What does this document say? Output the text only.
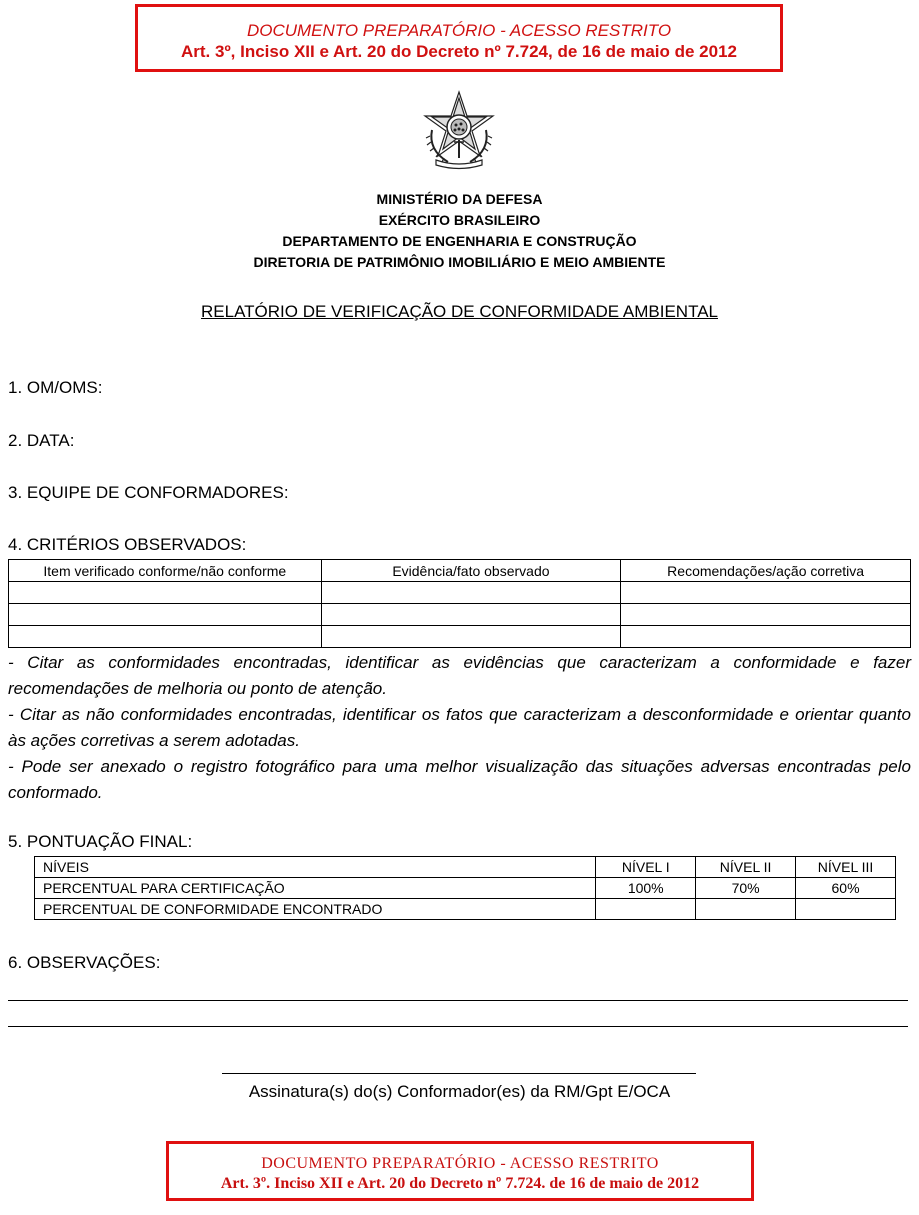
DOCUMENTO PREPARATÓRIO - ACESSO RESTRITO
Art. 3º, Inciso XII e Art. 20 do Decreto nº 7.724, de 16 de maio de 2012
MINISTÉRIO DA DEFESA
EXÉRCITO BRASILEIRO
DEPARTAMENTO DE ENGENHARIA E CONSTRUÇÃO
DIRETORIA DE PATRIMÔNIO IMOBILIÁRIO E MEIO AMBIENTE
RELATÓRIO DE VERIFICAÇÃO DE CONFORMIDADE AMBIENTAL
1. OM/OMS:
2. DATA:
3. EQUIPE DE CONFORMADORES:
4. CRITÉRIOS OBSERVADOS:
Item verificado conforme/não conforme	Evidência/fato observado	Recomendações/ação corretiva

- Citar as conformidades encontradas, identificar as evidências que caracterizam a conformidade e fazer recomendações de melhoria ou ponto de atenção.

- Citar as não conformidades encontradas, identificar os fatos que caracterizam a desconformidade e orientar quanto às ações corretivas a serem adotadas.

- Pode ser anexado o registro fotográfico para uma melhor visualização das situações adversas encontradas pelo conformado.

5. PONTUAÇÃO FINAL:
NÍVEIS	NÍVEL I	NÍVEL II	NÍVEL III
PERCENTUAL PARA CERTIFICAÇÃO	100%	70%	60%
PERCENTUAL DE CONFORMIDADE ENCONTRADO			
6. OBSERVAÇÕES:
Assinatura(s) do(s) Conformador(es) da RM/Gpt E/OCA
DOCUMENTO PREPARATÓRIO - ACESSO RESTRITO
Art. 3º. Inciso XII e Art. 20 do Decreto nº 7.724. de 16 de maio de 2012
